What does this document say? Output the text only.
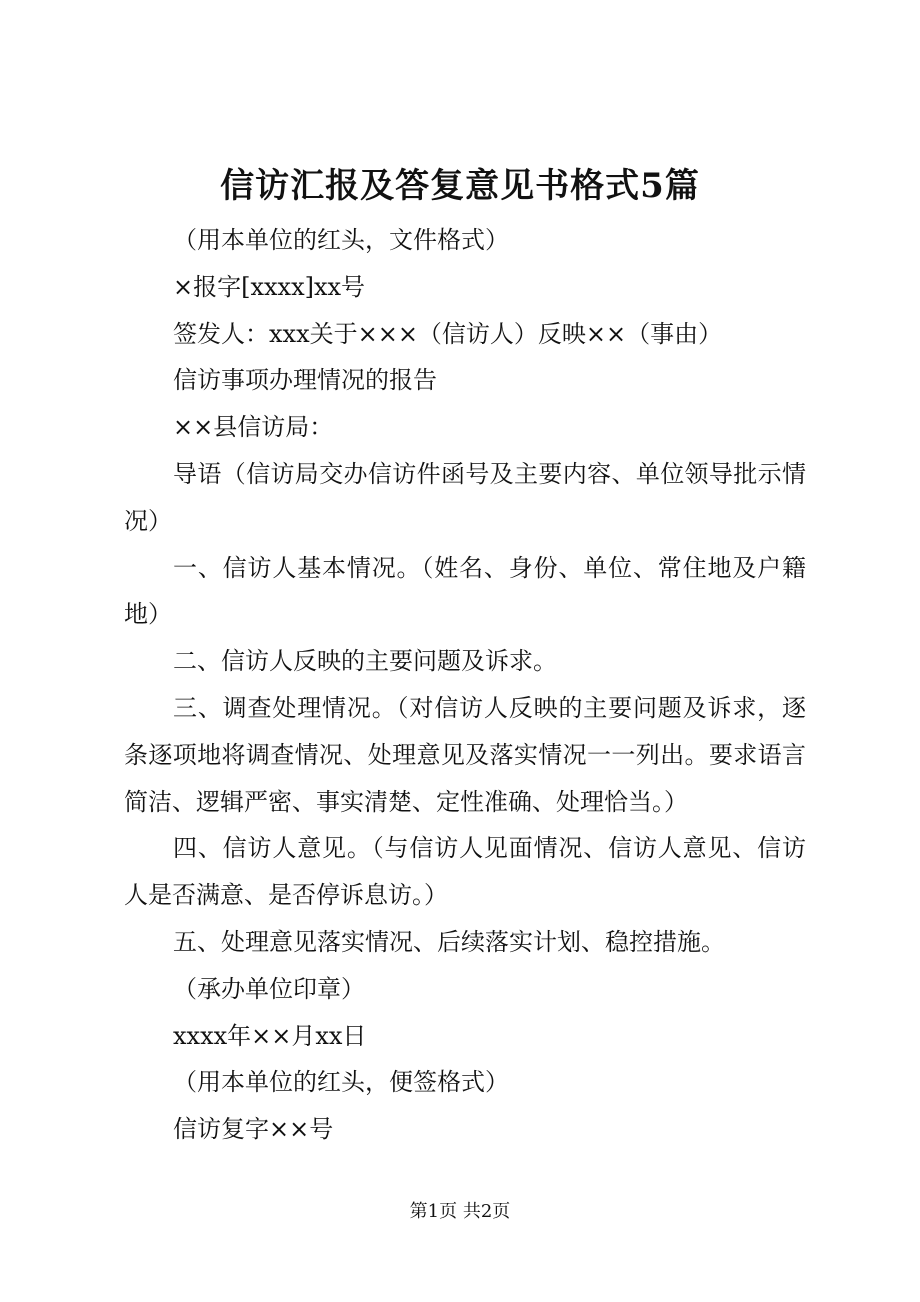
信访汇报及答复意见书格式5篇

（用本单位的红头，文件格式）

×报字[xxxx]xx号

签发人：xxx关于×××（信访人）反映××（事由）

信访事项办理情况的报告

××县信访局：

导语（信访局交办信访件函号及主要内容、单位领导批示情况）

一、信访人基本情况。（姓名、身份、单位、常住地及户籍地）

二、信访人反映的主要问题及诉求。

三、调查处理情况。（对信访人反映的主要问题及诉求，逐条逐项地将调查情况、处理意见及落实情况一一列出。要求语言简洁、逻辑严密、事实清楚、定性准确、处理恰当。）

四、信访人意见。（与信访人见面情况、信访人意见、信访人是否满意、是否停诉息访。）

五、处理意见落实情况、后续落实计划、稳控措施。

（承办单位印章）

xxxx年××月xx日

（用本单位的红头，便签格式）

信访复字××号

第1页 共2页
